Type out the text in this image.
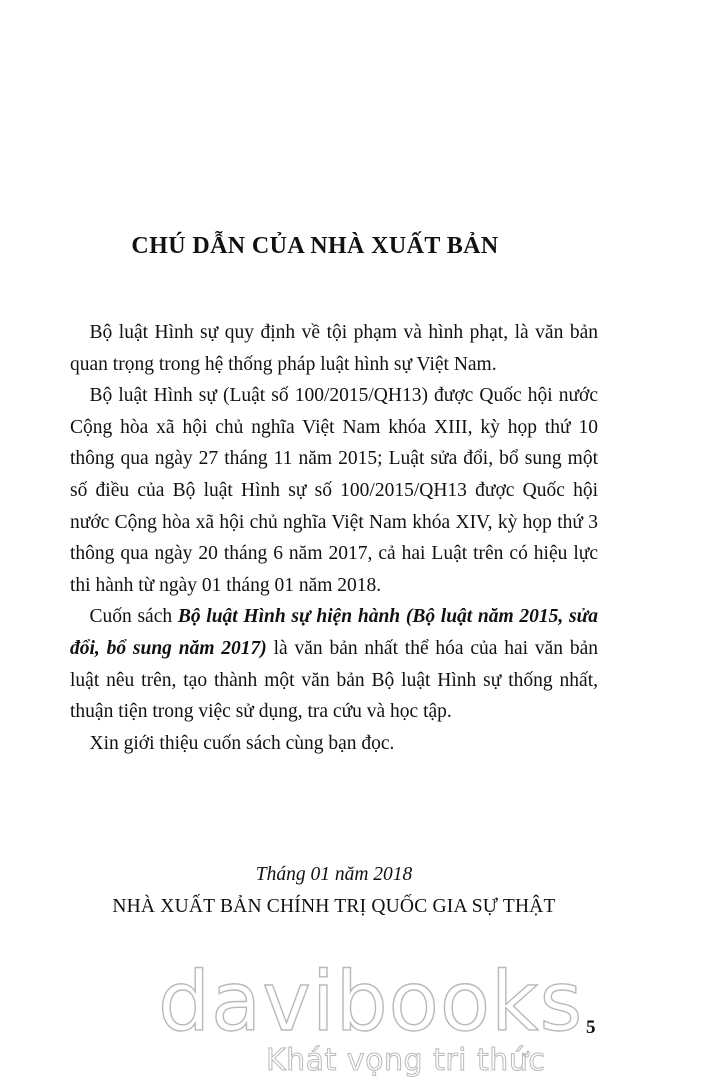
CHÚ DẪN CỦA NHÀ XUẤT BẢN

 Bộ luật Hình sự quy định về tội phạm và hình phạt, là văn bản quan trọng trong hệ thống pháp luật hình sự Việt Nam.

 Bộ luật Hình sự (Luật số 100/2015/QH13) được Quốc hội nước Cộng hòa xã hội chủ nghĩa Việt Nam khóa XIII, kỳ họp thứ 10 thông qua ngày 27 tháng 11 năm 2015; Luật sửa đổi, bổ sung một số điều của Bộ luật Hình sự số 100/2015/QH13 được Quốc hội nước Cộng hòa xã hội chủ nghĩa Việt Nam khóa XIV, kỳ họp thứ 3 thông qua ngày 20 tháng 6 năm 2017, cả hai Luật trên có hiệu lực thi hành từ ngày 01 tháng 01 năm 2018.

 Cuốn sách Bộ luật Hình sự hiện hành (Bộ luật năm 2015, sửa đổi, bổ sung năm 2017) là văn bản nhất thể hóa của hai văn bản luật nêu trên, tạo thành một văn bản Bộ luật Hình sự thống nhất, thuận tiện trong việc sử dụng, tra cứu và học tập.

 Xin giới thiệu cuốn sách cùng bạn đọc.

Tháng 01 năm 2018

NHÀ XUẤT BẢN CHÍNH TRỊ QUỐC GIA SỰ THẬT

davibooks
Khát vọng tri thức

5
